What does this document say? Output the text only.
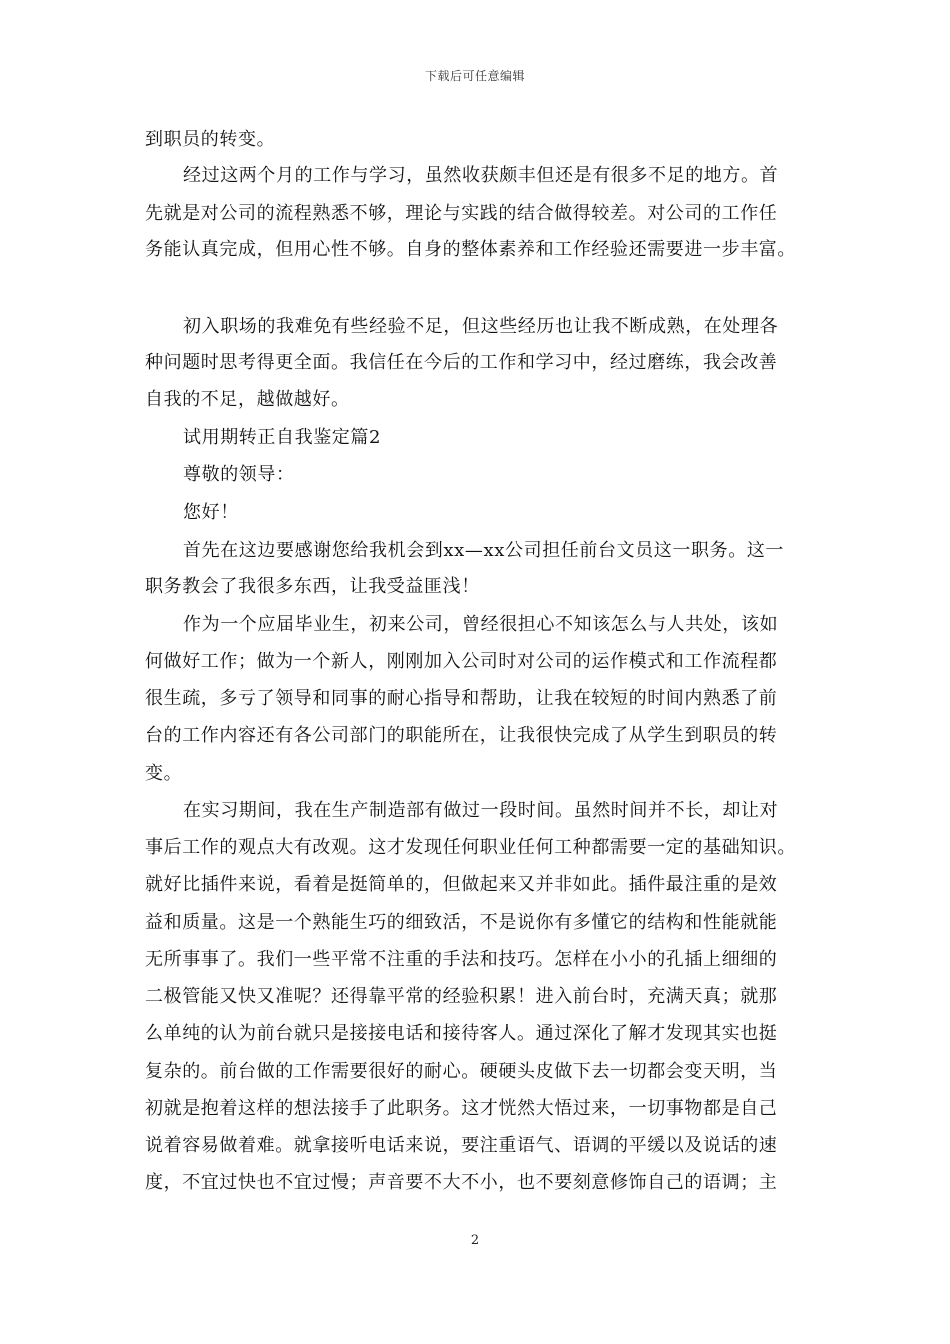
下载后可任意编辑
到职员的转变。
经过这两个月的工作与学习，虽然收获颇丰但还是有很多不足的地方。首
先就是对公司的流程熟悉不够，理论与实践的结合做得较差。对公司的工作任
务能认真完成，但用心性不够。自身的整体素养和工作经验还需要进一步丰富。
初入职场的我难免有些经验不足，但这些经历也让我不断成熟，在处理各
种问题时思考得更全面。我信任在今后的工作和学习中，经过磨练，我会改善
自我的不足，越做越好。
试用期转正自我鉴定篇2
尊敬的领导：
您好！
首先在这边要感谢您给我机会到xx—xx公司担任前台文员这一职务。这一
职务教会了我很多东西，让我受益匪浅！
作为一个应届毕业生，初来公司，曾经很担心不知该怎么与人共处，该如
何做好工作；做为一个新人，刚刚加入公司时对公司的运作模式和工作流程都
很生疏，多亏了领导和同事的耐心指导和帮助，让我在较短的时间内熟悉了前
台的工作内容还有各公司部门的职能所在，让我很快完成了从学生到职员的转
变。
在实习期间，我在生产制造部有做过一段时间。虽然时间并不长，却让对
事后工作的观点大有改观。这才发现任何职业任何工种都需要一定的基础知识。
就好比插件来说，看着是挺简单的，但做起来又并非如此。插件最注重的是效
益和质量。这是一个熟能生巧的细致活，不是说你有多懂它的结构和性能就能
无所事事了。我们一些平常不注重的手法和技巧。怎样在小小的孔插上细细的
二极管能又快又准呢？还得靠平常的经验积累！进入前台时，充满天真；就那
么单纯的认为前台就只是接接电话和接待客人。通过深化了解才发现其实也挺
复杂的。前台做的工作需要很好的耐心。硬硬头皮做下去一切都会变天明，当
初就是抱着这样的想法接手了此职务。这才恍然大悟过来，一切事物都是自己
说着容易做着难。就拿接听电话来说，要注重语气、语调的平缓以及说话的速
度，不宜过快也不宜过慢；声音要不大不小，也不要刻意修饰自己的语调；主
2
